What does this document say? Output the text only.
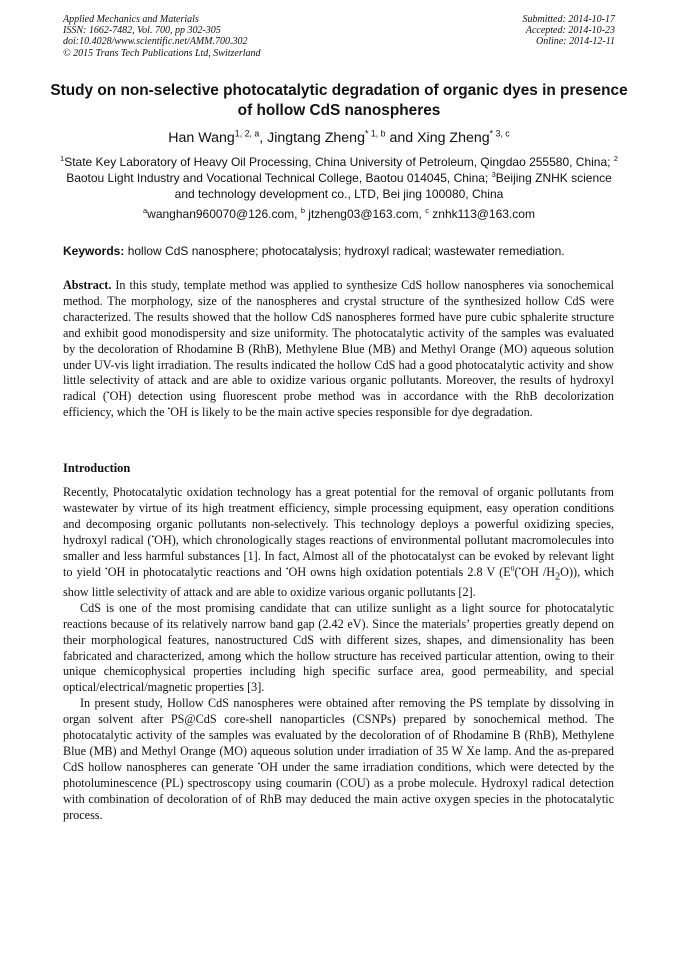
Applied Mechanics and Materials
ISSN: 1662-7482, Vol. 700, pp 302-305
doi:10.4028/www.scientific.net/AMM.700.302
© 2015 Trans Tech Publications Ltd, Switzerland
Submitted: 2014-10-17
Accepted: 2014-10-23
Online: 2014-12-11
Study on non-selective photocatalytic degradation of organic dyes in presence of hollow CdS nanospheres
Han Wang$^{1, 2, a}$, Jingtang Zheng$^{* 1, b}$ and Xing Zheng$^{* 3, c}$
$^1$State Key Laboratory of Heavy Oil Processing, China University of Petroleum, Qingdao 255580, China; $^2$ Baotou Light Industry and Vocational Technical College, Baotou 014045, China; $^3$Beijing ZNHK science and technology development co., LTD, Bei jing 100080, China
$^a$wanghan960070@126.com, $^b$ jtzheng03@163.com, $^c$ znhk113@163.com
Keywords: hollow CdS nanosphere; photocatalysis; hydroxyl radical; wastewater remediation.
Abstract. In this study, template method was applied to synthesize CdS hollow nanospheres via sonochemical method. The morphology, size of the nanospheres and crystal structure of the synthesized hollow CdS were characterized. The results showed that the hollow CdS nanospheres formed have pure cubic sphalerite structure and exhibit good monodispersity and size uniformity. The photocatalytic activity of the samples was evaluated by the decoloration of Rhodamine B (RhB), Methylene Blue (MB) and Methyl Orange (MO) aqueous solution under UV-vis light irradiation. The results indicated the hollow CdS had a good photocatalytic activity and show little selectivity of attack and are able to oxidize various organic pollutants. Moreover, the results of hydroxyl radical (•OH) detection using fluorescent probe method was in accordance with the RhB decolorization efficiency, which the •OH is likely to be the main active species responsible for dye degradation.
Introduction

Recently, Photocatalytic oxidation technology has a great potential for the removal of organic pollutants from wastewater by virtue of its high treatment efficiency, simple processing equipment, easy operation conditions and decomposing organic pollutants non-selectively. This technology deploys a powerful oxidizing species, hydroxyl radical (•OH), which chronologically stages reactions of environmental pollutant macromolecules into smaller and less harmful substances [1]. In fact, Almost all of the photocatalyst can be evoked by relevant light to yield •OH in photocatalytic reactions and •OH owns high oxidation potentials 2.8 V ($E^0(^•OH$ $/H_2O$)), which show little selectivity of attack and are able to oxidize various organic pollutants [2].

CdS is one of the most promising candidate that can utilize sunlight as a light source for photocatalytic reactions because of its relatively narrow band gap (2.42 eV). Since the materials’ properties greatly depend on their morphological features, nanostructured CdS with different sizes, shapes, and dimensionality has been fabricated and characterized, among which the hollow structure has received particular attention, owing to their unique chemicophysical properties including high specific surface area, good permeability, and special optical/electrical/magnetic properties [3].

In present study, Hollow CdS nanospheres were obtained after removing the PS template by dissolving in organ solvent after PS@CdS core-shell nanoparticles (CSNPs) prepared by sonochemical method. The photocatalytic activity of the samples was evaluated by the decoloration of of Rhodamine B (RhB), Methylene Blue (MB) and Methyl Orange (MO) aqueous solution under irradiation of 35 W Xe lamp. And the as-prepared CdS hollow nanospheres can generate •OH under the same irradiation conditions, which were detected by the photoluminescence (PL) spectroscopy using coumarin (COU) as a probe molecule. Hydroxyl radical detection with combination of decoloration of of RhB may deduced the main active oxygen species in the photocatalytic process.
